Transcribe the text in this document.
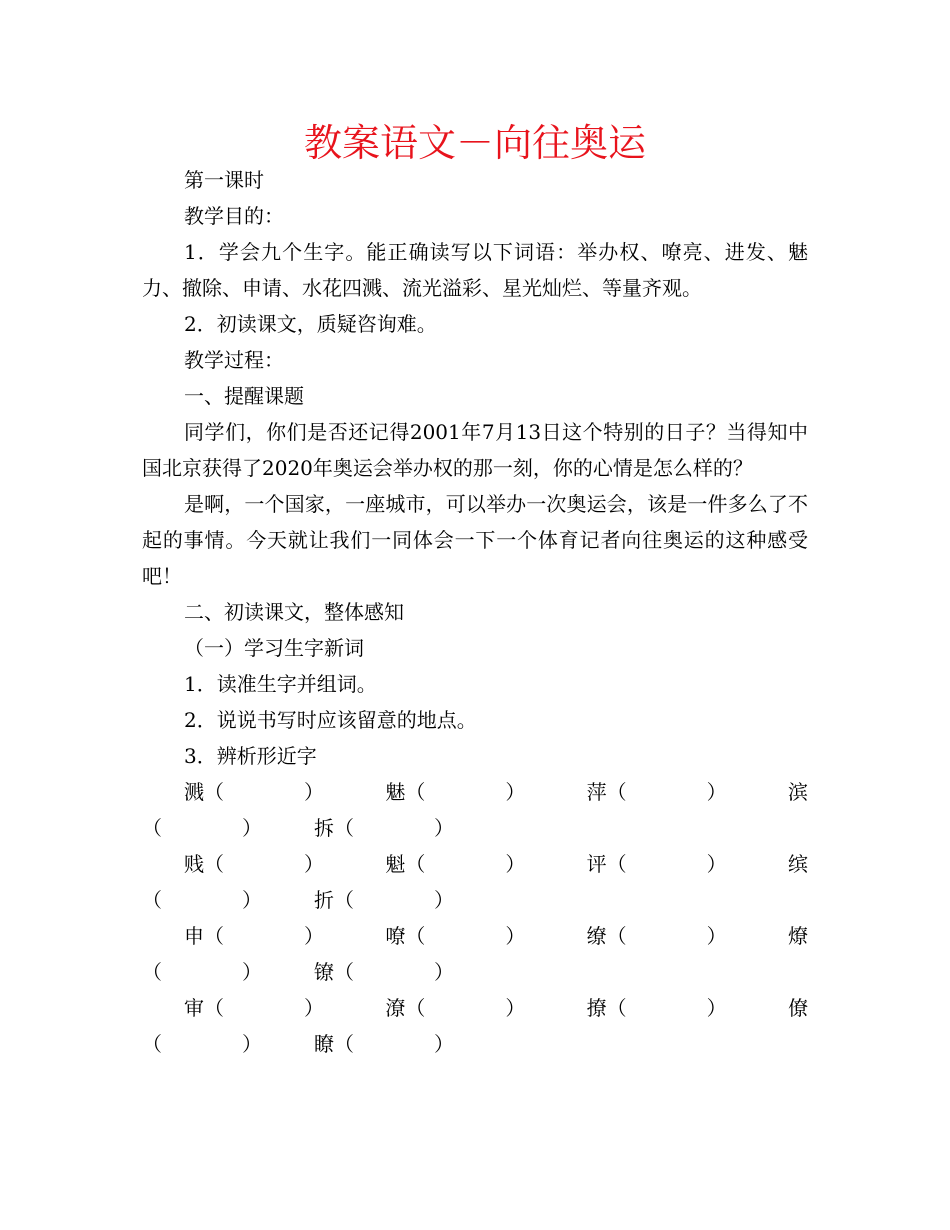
教案语文－向往奥运

第一课时

教学目的：

1．学会九个生字。能正确读写以下词语：举办权、嘹亮、进发、魅力、撤除、申请、水花四溅、流光溢彩、星光灿烂、等量齐观。

2．初读课文，质疑咨询难。

教学过程：

一、提醒课题

同学们，你们是否还记得2001年7月13日这个特别的日子？当得知中国北京获得了2020年奥运会举办权的那一刻，你的心情是怎么样的？

是啊，一个国家，一座城市，可以举办一次奥运会，该是一件多么了不起的事情。今天就让我们一同体会一下一个体育记者向往奥运的这种感受吧！

二、初读课文，整体感知

（一）学习生字新词

1．读准生字并组词。

2．说说书写时应该留意的地点。

3．辨析形近字

溅（　　　　）	魅（　　　　）	萍（　　　　）	滨
（　　　　）	拆（　　　　）
贱（　　　　）	魁（　　　　）	评（　　　　）	缤
（　　　　）	折（　　　　）
申（　　　　）	嘹（　　　　）	缭（　　　　）	燎
（　　　　）	镣（　　　　）
审（　　　　）	潦（　　　　）	撩（　　　　）	僚
（　　　　）	瞭（　　　　）
